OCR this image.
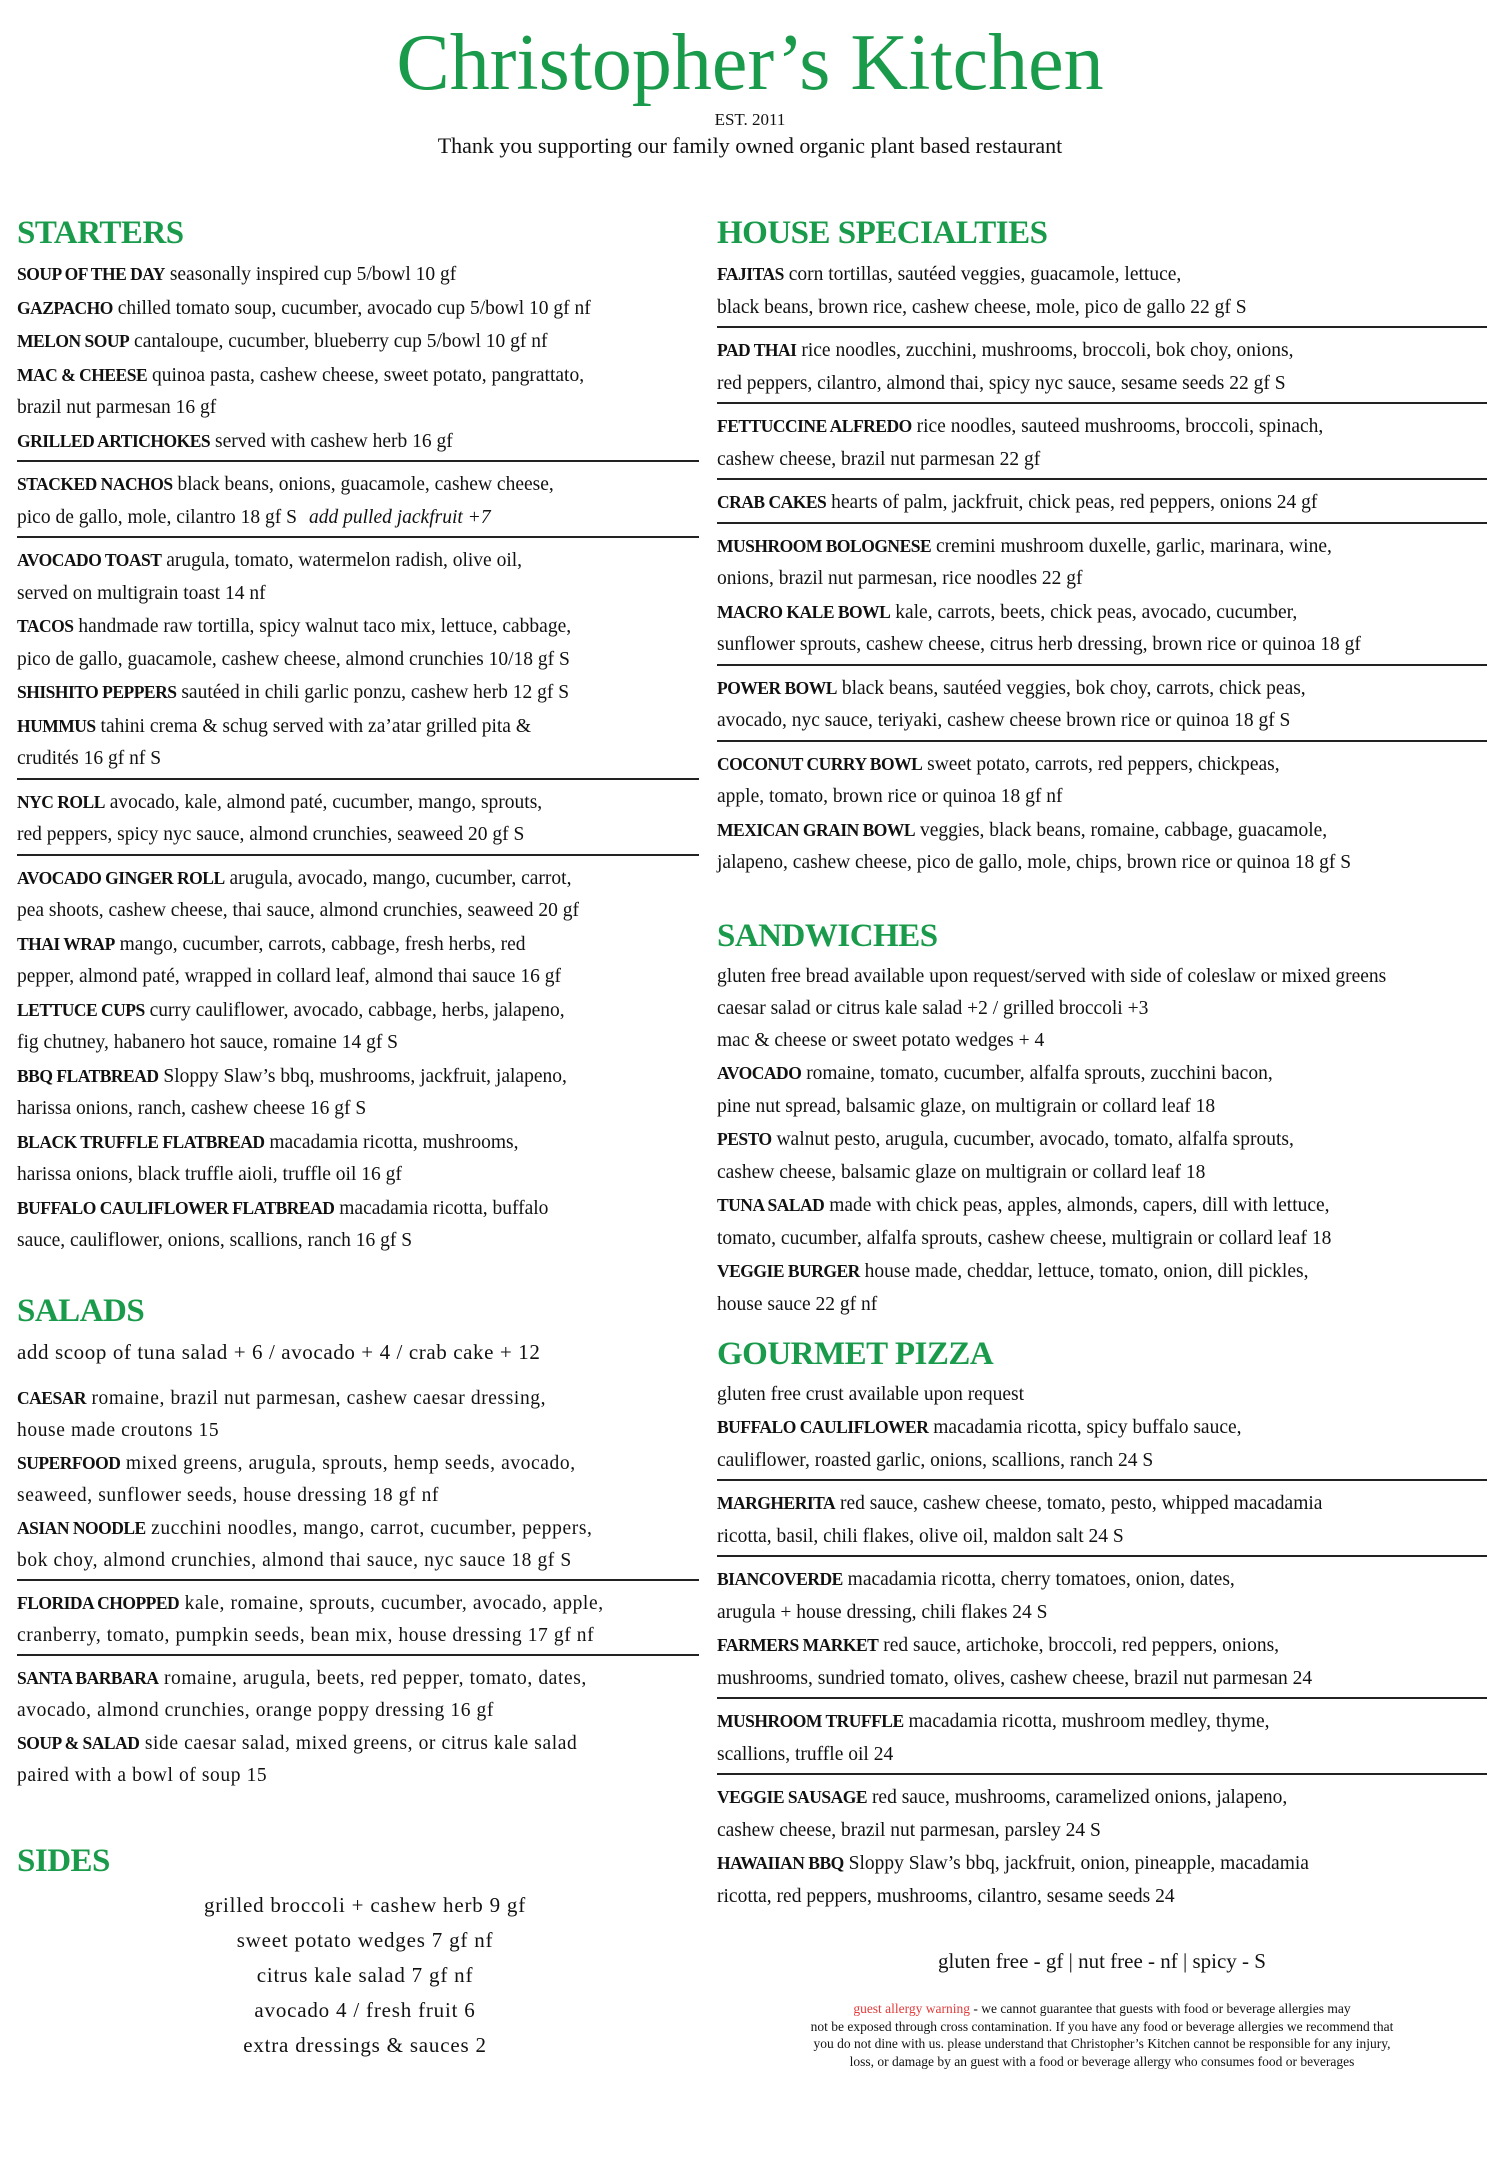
Christopher’s Kitchen
EST. 2011
Thank you supporting our family owned organic plant based restaurant
STARTERS
SOUP OF THE DAY seasonally inspired cup 5/bowl 10 gf
GAZPACHO chilled tomato soup, cucumber, avocado cup 5/bowl 10 gf nf
MELON SOUP cantaloupe, cucumber, blueberry cup 5/bowl 10 gf nf
MAC & CHEESE quinoa pasta, cashew cheese, sweet potato, pangrattato,
brazil nut parmesan 16 gf
GRILLED ARTICHOKES served with cashew herb 16 gf
STACKED NACHOS black beans, onions, guacamole, cashew cheese,
pico de gallo, mole, cilantro 18 gf S add pulled jackfruit +7
AVOCADO TOAST arugula, tomato, watermelon radish, olive oil,
served on multigrain toast 14 nf
TACOS handmade raw tortilla, spicy walnut taco mix, lettuce, cabbage,
pico de gallo, guacamole, cashew cheese, almond crunchies 10/18 gf S
SHISHITO PEPPERS sautéed in chili garlic ponzu, cashew herb 12 gf S
HUMMUS tahini crema & schug served with za’atar grilled pita &
crudités 16 gf nf S
NYC ROLL avocado, kale, almond paté, cucumber, mango, sprouts,
red peppers, spicy nyc sauce, almond crunchies, seaweed 20 gf S
AVOCADO GINGER ROLL arugula, avocado, mango, cucumber, carrot,
pea shoots, cashew cheese, thai sauce, almond crunchies, seaweed 20 gf
THAI WRAP mango, cucumber, carrots, cabbage, fresh herbs, red
pepper, almond paté, wrapped in collard leaf, almond thai sauce 16 gf
LETTUCE CUPS curry cauliflower, avocado, cabbage, herbs, jalapeno,
fig chutney, habanero hot sauce, romaine 14 gf S
BBQ FLATBREAD Sloppy Slaw’s bbq, mushrooms, jackfruit, jalapeno,
harissa onions, ranch, cashew cheese 16 gf S
BLACK TRUFFLE FLATBREAD macadamia ricotta, mushrooms,
harissa onions, black truffle aioli, truffle oil 16 gf
BUFFALO CAULIFLOWER FLATBREAD macadamia ricotta, buffalo
sauce, cauliflower, onions, scallions, ranch 16 gf S
SALADS
add scoop of tuna salad + 6 / avocado + 4 / crab cake + 12
CAESAR romaine, brazil nut parmesan, cashew caesar dressing,
house made croutons 15
SUPERFOOD mixed greens, arugula, sprouts, hemp seeds, avocado,
seaweed, sunflower seeds, house dressing 18 gf nf
ASIAN NOODLE zucchini noodles, mango, carrot, cucumber, peppers,
bok choy, almond crunchies, almond thai sauce, nyc sauce 18 gf S
FLORIDA CHOPPED kale, romaine, sprouts, cucumber, avocado, apple,
cranberry, tomato, pumpkin seeds, bean mix, house dressing 17 gf nf
SANTA BARBARA romaine, arugula, beets, red pepper, tomato, dates,
avocado, almond crunchies, orange poppy dressing 16 gf
SOUP & SALAD side caesar salad, mixed greens, or citrus kale salad
paired with a bowl of soup 15
SIDES
grilled broccoli + cashew herb 9 gf
sweet potato wedges 7 gf nf
citrus kale salad 7 gf nf
avocado 4 / fresh fruit 6
extra dressings & sauces 2
HOUSE SPECIALTIES
FAJITAS corn tortillas, sautéed veggies, guacamole, lettuce,
black beans, brown rice, cashew cheese, mole, pico de gallo 22 gf S
PAD THAI rice noodles, zucchini, mushrooms, broccoli, bok choy, onions,
red peppers, cilantro, almond thai, spicy nyc sauce, sesame seeds 22 gf S
FETTUCCINE ALFREDO rice noodles, sauteed mushrooms, broccoli, spinach,
cashew cheese, brazil nut parmesan 22 gf
CRAB CAKES hearts of palm, jackfruit, chick peas, red peppers, onions 24 gf
MUSHROOM BOLOGNESE cremini mushroom duxelle, garlic, marinara, wine,
onions, brazil nut parmesan, rice noodles 22 gf
MACRO KALE BOWL kale, carrots, beets, chick peas, avocado, cucumber,
sunflower sprouts, cashew cheese, citrus herb dressing, brown rice or quinoa 18 gf
POWER BOWL black beans, sautéed veggies, bok choy, carrots, chick peas,
avocado, nyc sauce, teriyaki, cashew cheese brown rice or quinoa 18 gf S
COCONUT CURRY BOWL sweet potato, carrots, red peppers, chickpeas,
apple, tomato, brown rice or quinoa 18 gf nf
MEXICAN GRAIN BOWL veggies, black beans, romaine, cabbage, guacamole,
jalapeno, cashew cheese, pico de gallo, mole, chips, brown rice or quinoa 18 gf S
SANDWICHES
gluten free bread available upon request/served with side of coleslaw or mixed greens
caesar salad or citrus kale salad +2 / grilled broccoli +3
mac & cheese or sweet potato wedges + 4
AVOCADO romaine, tomato, cucumber, alfalfa sprouts, zucchini bacon,
pine nut spread, balsamic glaze, on multigrain or collard leaf 18
PESTO walnut pesto, arugula, cucumber, avocado, tomato, alfalfa sprouts,
cashew cheese, balsamic glaze on multigrain or collard leaf 18
TUNA SALAD made with chick peas, apples, almonds, capers, dill with lettuce,
tomato, cucumber, alfalfa sprouts, cashew cheese, multigrain or collard leaf 18
VEGGIE BURGER house made, cheddar, lettuce, tomato, onion, dill pickles,
house sauce 22 gf nf
GOURMET PIZZA
gluten free crust available upon request
BUFFALO CAULIFLOWER macadamia ricotta, spicy buffalo sauce,
cauliflower, roasted garlic, onions, scallions, ranch 24 S
MARGHERITA red sauce, cashew cheese, tomato, pesto, whipped macadamia
ricotta, basil, chili flakes, olive oil, maldon salt 24 S
BIANCOVERDE macadamia ricotta, cherry tomatoes, onion, dates,
arugula + house dressing, chili flakes 24 S
FARMERS MARKET red sauce, artichoke, broccoli, red peppers, onions,
mushrooms, sundried tomato, olives, cashew cheese, brazil nut parmesan 24
MUSHROOM TRUFFLE macadamia ricotta, mushroom medley, thyme,
scallions, truffle oil 24
VEGGIE SAUSAGE red sauce, mushrooms, caramelized onions, jalapeno,
cashew cheese, brazil nut parmesan, parsley 24 S
HAWAIIAN BBQ Sloppy Slaw’s bbq, jackfruit, onion, pineapple, macadamia
ricotta, red peppers, mushrooms, cilantro, sesame seeds 24
gluten free - gf | nut free - nf | spicy - S
guest allergy warning - we cannot guarantee that guests with food or beverage allergies may
not be exposed through cross contamination. If you have any food or beverage allergies we recommend that
you do not dine with us. please understand that Christopher’s Kitchen cannot be responsible for any injury,
loss, or damage by an guest with a food or beverage allergy who consumes food or beverages
